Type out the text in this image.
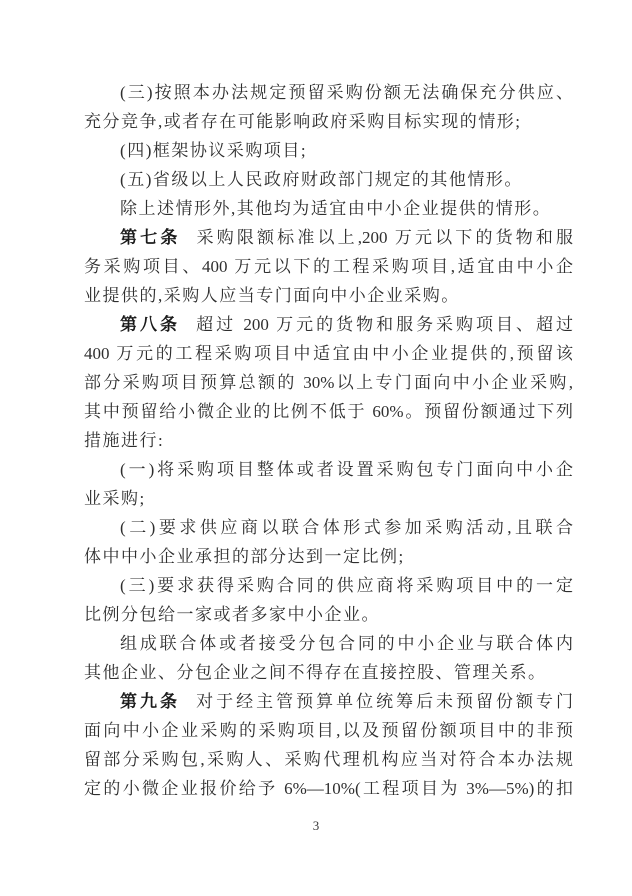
(三)按照本办法规定预留采购份额无法确保充分供应、
充分竞争,或者存在可能影响政府采购目标实现的情形;
(四)框架协议采购项目;
(五)省级以上人民政府财政部门规定的其他情形。
除上述情形外,其他均为适宜由中小企业提供的情形。
第七条 采购限额标准以上,200 万元以下的货物和服
务采购项目、400 万元以下的工程采购项目,适宜由中小企
业提供的,采购人应当专门面向中小企业采购。
第八条 超过 200 万元的货物和服务采购项目、超过
400 万元的工程采购项目中适宜由中小企业提供的,预留该
部分采购项目预算总额的 30%以上专门面向中小企业采购,
其中预留给小微企业的比例不低于 60%。预留份额通过下列
措施进行:
(一)将采购项目整体或者设置采购包专门面向中小企
业采购;
(二)要求供应商以联合体形式参加采购活动,且联合
体中中小企业承担的部分达到一定比例;
(三)要求获得采购合同的供应商将采购项目中的一定
比例分包给一家或者多家中小企业。
组成联合体或者接受分包合同的中小企业与联合体内
其他企业、分包企业之间不得存在直接控股、管理关系。
第九条 对于经主管预算单位统筹后未预留份额专门
面向中小企业采购的采购项目,以及预留份额项目中的非预
留部分采购包,采购人、采购代理机构应当对符合本办法规
定的小微企业报价给予 6%—10%(工程项目为 3%—5%)的扣
3
